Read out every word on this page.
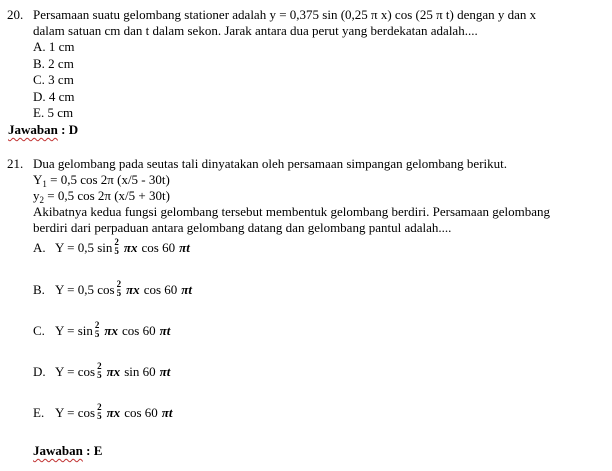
20. Persamaan suatu gelombang stationer adalah y = 0,375 sin (0,25 π x) cos (25 π t) dengan y dan x
dalam satuan cm dan t dalam sekon. Jarak antara dua perut yang berdekatan adalah....
A. 1 cm
B. 2 cm
C. 3 cm
D. 4 cm
E. 5 cm
Jawaban : D
21. Dua gelombang pada seutas tali dinyatakan oleh persamaan simpangan gelombang berikut.
$Y_1 = 0,5$ cos 2π (x/5 - 30t)
$y_2 = 0,5$ cos 2π (x/5 + 30t)
Akibatnya kedua fungsi gelombang tersebut membentuk gelombang berdiri. Persamaan gelombang
berdiri dari perpaduan antara gelombang datang dan gelombang pantul adalah....
A. Y = 0,5 sin 2
5 πx cos 60 πt
B. Y = 0,5 cos 2
5 πx cos 60 πt
C. Y = sin 2
5 πx cos 60 πt
D. Y = cos 2
5 πx sin 60 πt
E. Y = cos 2
5 πx cos 60 πt
Jawaban : E
